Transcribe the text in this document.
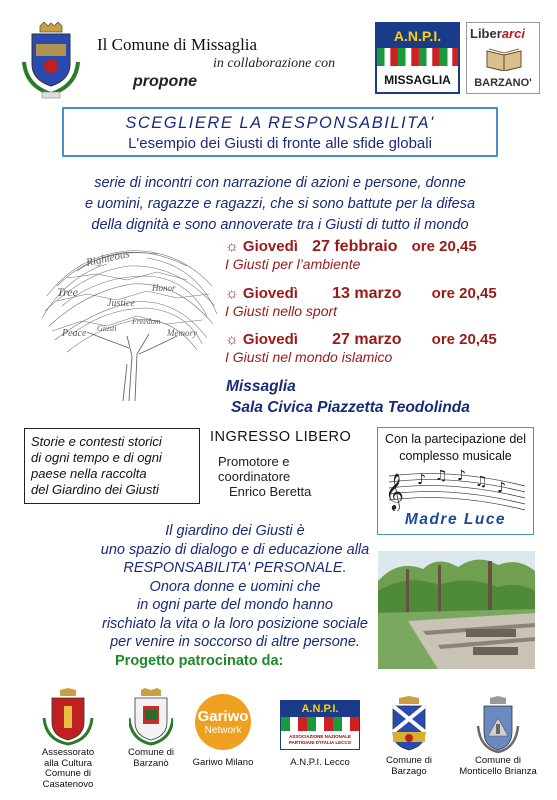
Il Comune di Missaglia
in collaborazione con
propone
A.N.P.I.
MISSAGLIA
Liberarci
BARZANO'
SCEGLIERE LA RESPONSABILITA'
L'esempio dei Giusti di fronte alle sfide globali
serie di incontri con narrazione di azioni e persone, donne
e uomini, ragazze e ragazzi, che si sono battute per la difesa
della dignità e sono annoverate tra i Giusti di tutto il mondo
Righteous
Tree
Justice
Honor
Peace	Memory
Giusti
Freedom
☼ Giovedì 27 febbraio ore 20,45
I Giusti per l’ambiente
☼ Giovedì 13 marzo ore 20,45
I Giusti nello sport
☼ Giovedì 27 marzo ore 20,45
I Giusti nel mondo islamico
Missaglia
Sala Civica Piazzetta Teodolinda
Storie e contesti storici
di ogni tempo e di ogni
paese nella raccolta
del Giardino dei Giusti
INGRESSO LIBERO
Promotore e coordinatore
Enrico Beretta
Con la partecipazione del
complesso musicale
𝄞 ♪ ♫ ♪ ♫ ♪
Madre Luce
Il giardino dei Giusti è
uno spazio di dialogo e di educazione alla
RESPONSABILITA' PERSONALE.
Onora donne e uomini che
in ogni parte del mondo hanno
rischiato la vita o la loro posizione sociale
per venire in soccorso di altre persone.
Progetto patrocinato da:
Assessorato
alla Cultura
Comune di Casatenovo
Comune di
Barzanò
Gariwo
Network
Gariwo Milano
A.N.P.I.
ASSOCIAZIONE NAZIONALE
PARTIGIANI D'ITALIA LECCO
A.N.P.I. Lecco	Comune di
Barzago
Comune di
Monticello Brianza
